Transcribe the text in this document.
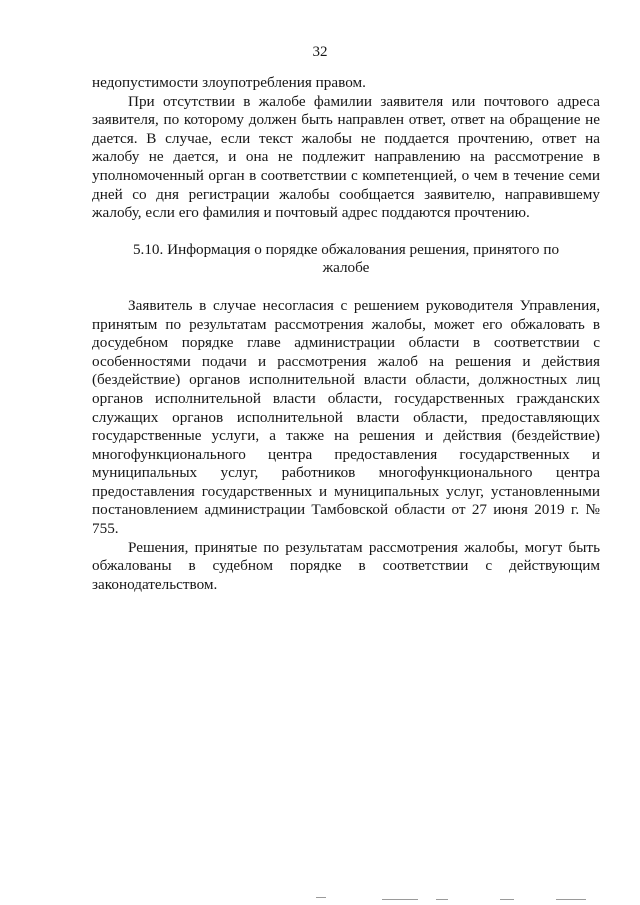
32

недопустимости злоупотребления правом.

При отсутствии в жалобе фамилии заявителя или почтового адреса заявителя, по которому должен быть направлен ответ, ответ на обращение не дается. В случае, если текст жалобы не поддается прочтению, ответ на жалобу не дается, и она не подлежит направлению на рассмотрение в уполномоченный орган в соответствии с компетенцией, о чем в течение семи дней со дня регистрации жалобы сообщается заявителю, направившему жалобу, если его фамилия и почтовый адрес поддаются прочтению.

5.10. Информация о порядке обжалования решения, принятого по жалобе

Заявитель в случае несогласия с решением руководителя Управления, принятым по результатам рассмотрения жалобы, может его обжаловать в досудебном порядке главе администрации области в соответствии с особенностями подачи и рассмотрения жалоб на решения и действия (бездействие) органов исполнительной власти области, должностных лиц органов исполнительной власти области, государственных гражданских служащих органов исполнительной власти области, предоставляющих государственные услуги, а также на решения и действия (бездействие) многофункционального центра предоставления государственных и муниципальных услуг, работников многофункционального центра предоставления государственных и муниципальных услуг, установленными постановлением администрации Тамбовской области от 27 июня 2019 г. № 755.

Решения, принятые по результатам рассмотрения жалобы, могут быть обжалованы в судебном порядке в соответствии с действующим законодательством.
